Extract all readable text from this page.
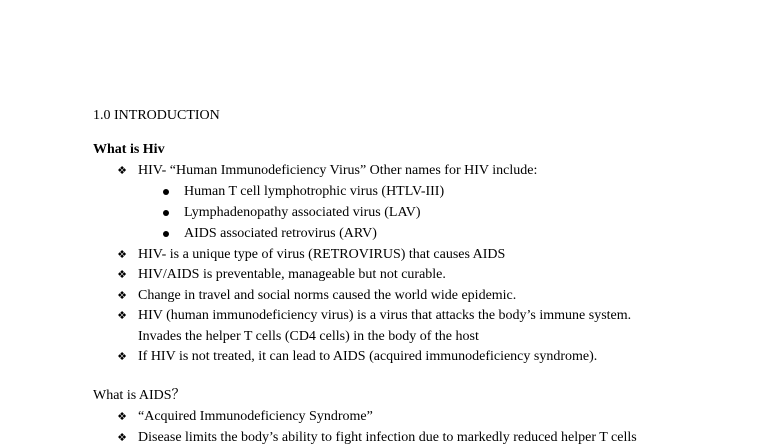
1.0 INTRODUCTION
What is Hiv
❖ HIV- “Human Immunodeficiency Virus” Other names for HIV include:
Human T cell lymphotrophic virus (HTLV-III)
Lymphadenopathy associated virus (LAV)
AIDS associated retrovirus (ARV)
❖ HIV- is a unique type of virus (RETROVIRUS) that causes AIDS
❖ HIV/AIDS is preventable, manageable but not curable.
❖ Change in travel and social norms caused the world wide epidemic.
❖ HIV (human immunodeficiency virus) is a virus that attacks the body’s immune system.
Invades the helper T cells (CD4 cells) in the body of the host
❖ If HIV is not treated, it can lead to AIDS (acquired immunodeficiency syndrome).
What is AIDS？
❖ “Acquired Immunodeficiency Syndrome”
❖ Disease limits the body’s ability to fight infection due to markedly reduced helper T cells
